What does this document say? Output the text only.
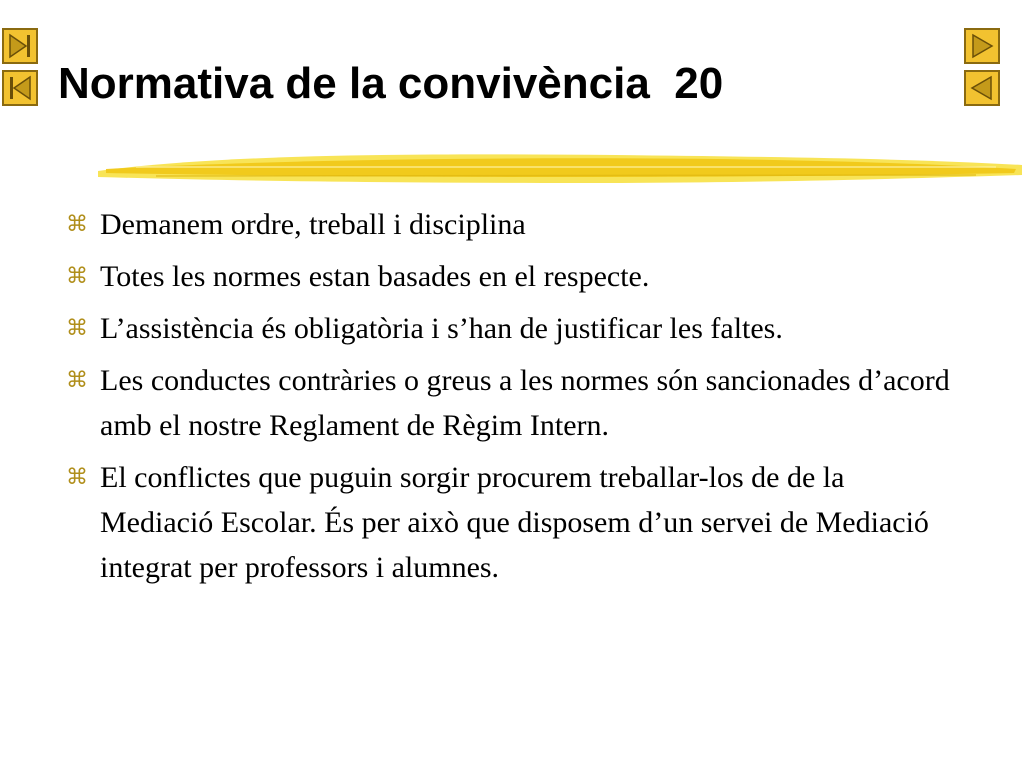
Normativa de la convivència  20
⌘ Demanem ordre, treball i disciplina
⌘ Totes les normes estan basades en el respecte.
⌘ L’assistència és obligatòria i s’han de justificar les faltes.
⌘ Les conductes contràries o greus a les normes són sancionades d’acord amb el nostre Reglament de Règim Intern.
⌘ El conflictes que puguin sorgir procurem treballar-los de de la Mediació Escolar. És per això que disposem d’un servei de Mediació integrat per professors i alumnes.
